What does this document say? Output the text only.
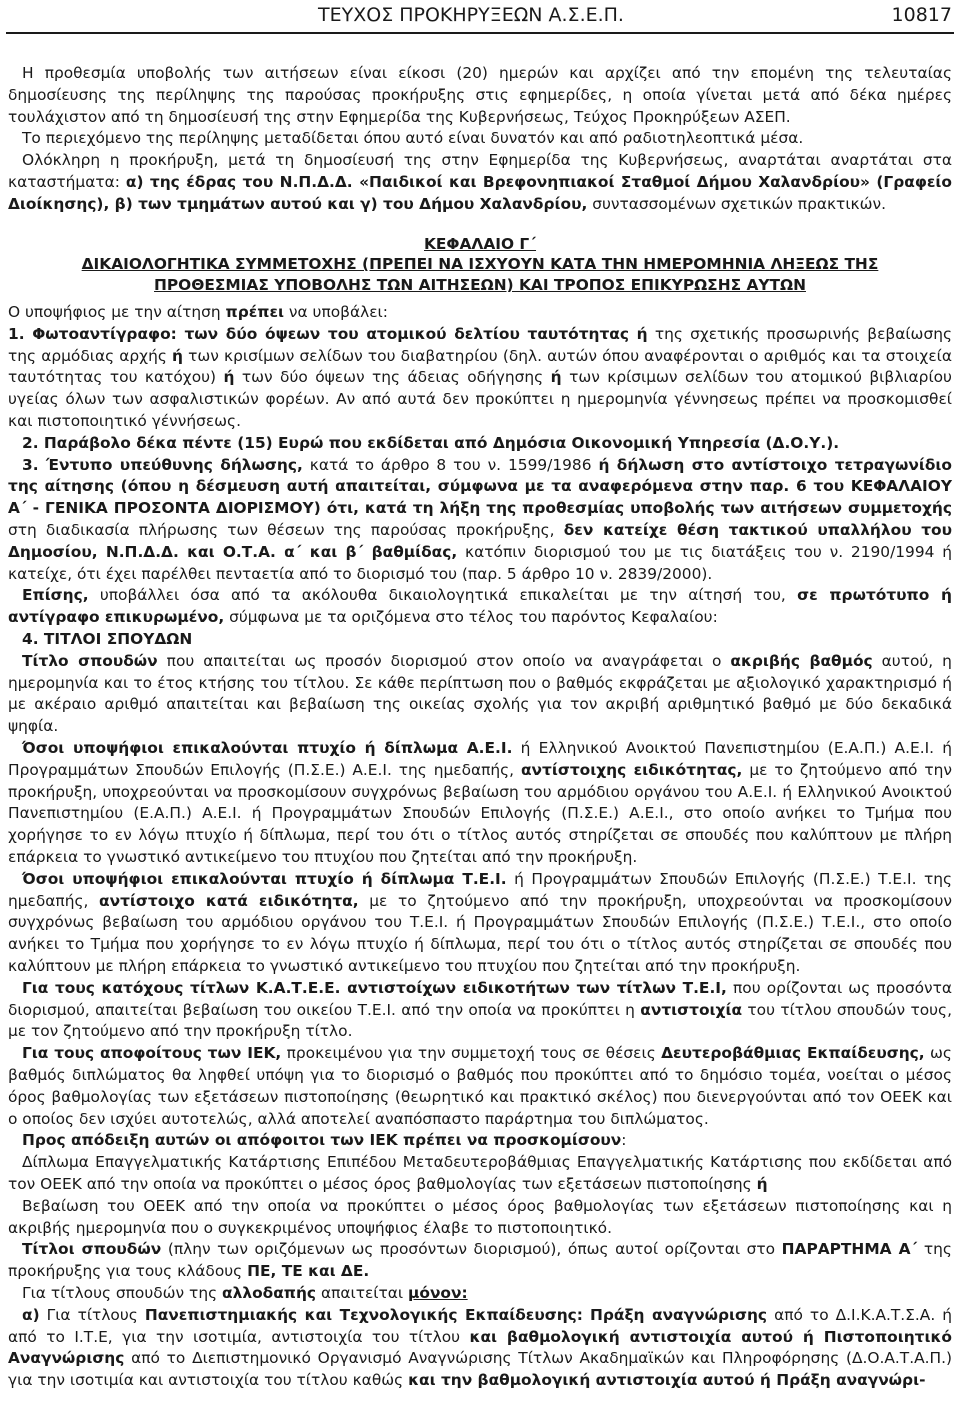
ΤΕΥΧΟΣ ΠΡΟΚΗΡΥΞΕΩΝ Α.Σ.Ε.Π.	10817

Η προθεσμία υποβολής των αιτήσεων είναι είκοσι (20) ημερών και αρχίζει από την επομένη της τελευταίας δημοσίευσης της περίληψης της παρούσας προκήρυξης στις εφημερίδες, η οποία γίνεται μετά από δέκα ημέρες τουλάχιστον από τη δημοσίευσή της στην Εφημερίδα της Κυβερνήσεως, Τεύχος Προκηρύξεων ΑΣΕΠ.

Το περιεχόμενο της περίληψης μεταδίδεται όπου αυτό είναι δυνατόν και από ραδιοτηλεοπτικά μέσα.

Ολόκληρη η προκήρυξη, μετά τη δημοσίευσή της στην Εφημερίδα της Κυβερνήσεως, αναρτάται αναρτάται στα καταστήματα: α) της έδρας του Ν.Π.Δ.Δ. «Παιδικοί και Βρεφονηπιακοί Σταθμοί Δήμου Χαλανδρίου» (Γραφείο Διοίκησης), β) των τμημάτων αυτού και γ) του Δήμου Χαλανδρίου, συντασσομένων σχετικών πρακτικών.

ΚΕΦΑΛΑΙΟ Γ΄
ΔΙΚΑΙΟΛΟΓΗΤΙΚΑ ΣΥΜΜΕΤΟΧΗΣ (ΠΡΕΠΕΙ ΝΑ ΙΣΧΥΟΥΝ ΚΑΤΑ ΤΗΝ ΗΜΕΡΟΜΗΝΙΑ ΛΗΞΕΩΣ ΤΗΣ
ΠΡΟΘΕΣΜΙΑΣ ΥΠΟΒΟΛΗΣ ΤΩΝ ΑΙΤΗΣΕΩΝ) ΚΑΙ ΤΡΟΠΟΣ ΕΠΙΚΥΡΩΣΗΣ ΑΥΤΩΝ

Ο υποψήφιος με την αίτηση πρέπει να υποβάλει:

1. Φωτοαντίγραφο: των δύο όψεων του ατομικού δελτίου ταυτότητας ή της σχετικής προσωρινής βεβαίωσης της αρμόδιας αρχής ή των κρισίμων σελίδων του διαβατηρίου (δηλ. αυτών όπου αναφέρονται ο αριθμός και τα στοιχεία ταυτότητας του κατόχου) ή των δύο όψεων της άδειας οδήγησης ή των κρίσιμων σελίδων του ατομικού βιβλιαρίου υγείας όλων των ασφαλιστικών φορέων. Αν από αυτά δεν προκύπτει η ημερομηνία γέννησεως πρέπει να προσκομισθεί και πιστοποιητικό γέννήσεως.

2. Παράβολο δέκα πέντε (15) Ευρώ που εκδίδεται από Δημόσια Οικονομική Υπηρεσία (Δ.Ο.Υ.).

3. Έντυπο υπεύθυνης δήλωσης, κατά το άρθρο 8 του ν. 1599/1986 ή δήλωση στο αντίστοιχο τετραγωνίδιο της αίτησης (όπου η δέσμευση αυτή απαιτείται, σύμφωνα με τα αναφερόμενα στην παρ. 6 του ΚΕΦΑΛΑΙΟΥ Α΄ - ΓΕΝΙΚΑ ΠΡΟΣΟΝΤΑ ΔΙΟΡΙΣΜΟΥ) ότι, κατά τη λήξη της προθεσμίας υποβολής των αιτήσεων συμμετοχής στη διαδικασία πλήρωσης των θέσεων της παρούσας προκήρυξης, δεν κατείχε θέση τακτικού υπαλλήλου του Δημοσίου, Ν.Π.Δ.Δ. και Ο.Τ.Α. α΄ και β΄ βαθμίδας, κατόπιν διορισμού του με τις διατάξεις του ν. 2190/1994 ή κατείχε, ότι έχει παρέλθει πενταετία από το διορισμό του (παρ. 5 άρθρο 10 ν. 2839/2000).

Επίσης, υποβάλλει όσα από τα ακόλουθα δικαιολογητικά επικαλείται με την αίτησή του, σε πρωτότυπο ή αντίγραφο επικυρωμένο, σύμφωνα με τα οριζόμενα στο τέλος του παρόντος Κεφαλαίου:

4. ΤΙΤΛΟΙ ΣΠΟΥΔΩΝ

Τίτλο σπουδών που απαιτείται ως προσόν διορισμού στον οποίο να αναγράφεται ο ακριβής βαθμός αυτού, η ημερομηνία και το έτος κτήσης του τίτλου. Σε κάθε περίπτωση που ο βαθμός εκφράζεται με αξιολογικό χαρακτηρισμό ή με ακέραιο αριθμό απαιτείται και βεβαίωση της οικείας σχολής για τον ακριβή αριθμητικό βαθμό με δύο δεκαδικά ψηφία.

Όσοι υποψήφιοι επικαλούνται πτυχίο ή δίπλωμα Α.Ε.Ι. ή Ελληνικού Ανοικτού Πανεπιστημίου (Ε.Α.Π.) Α.Ε.Ι. ή Προγραμμάτων Σπουδών Επιλογής (Π.Σ.Ε.) Α.Ε.Ι. της ημεδαπής, αντίστοιχης ειδικότητας, με το ζητούμενο από την προκήρυξη, υποχρεούνται να προσκομίσουν συγχρόνως βεβαίωση του αρμόδιου οργάνου του Α.Ε.Ι. ή Ελληνικού Ανοικτού Πανεπιστημίου (Ε.Α.Π.) Α.Ε.Ι. ή Προγραμμάτων Σπουδών Επιλογής (Π.Σ.Ε.) Α.Ε.Ι., στο οποίο ανήκει το Τμήμα που χορήγησε το εν λόγω πτυχίο ή δίπλωμα, περί του ότι ο τίτλος αυτός στηρίζεται σε σπουδές που καλύπτουν με πλήρη επάρκεια το γνωστικό αντικείμενο του πτυχίου που ζητείται από την προκήρυξη.

Όσοι υποψήφιοι επικαλούνται πτυχίο ή δίπλωμα Τ.Ε.Ι. ή Προγραμμάτων Σπουδών Επιλογής (Π.Σ.Ε.) Τ.Ε.Ι. της ημεδαπής, αντίστοιχο κατά ειδικότητα, με το ζητούμενο από την προκήρυξη, υποχρεούνται να προσκομίσουν συγχρόνως βεβαίωση του αρμόδιου οργάνου του Τ.Ε.Ι. ή Προγραμμάτων Σπουδών Επιλογής (Π.Σ.Ε.) Τ.Ε.Ι., στο οποίο ανήκει το Τμήμα που χορήγησε το εν λόγω πτυχίο ή δίπλωμα, περί του ότι ο τίτλος αυτός στηρίζεται σε σπουδές που καλύπτουν με πλήρη επάρκεια το γνωστικό αντικείμενο του πτυχίου που ζητείται από την προκήρυξη.

Για τους κατόχους τίτλων Κ.Α.Τ.Ε.Ε. αντιστοίχων ειδικοτήτων των τίτλων Τ.Ε.Ι, που ορίζονται ως προσόντα διορισμού, απαιτείται βεβαίωση του οικείου Τ.Ε.Ι. από την οποία να προκύπτει η αντιστοιχία του τίτλου σπουδών τους, με τον ζητούμενο από την προκήρυξη τίτλο.

Για τους αποφοίτους των ΙΕΚ, προκειμένου για την συμμετοχή τους σε θέσεις Δευτεροβάθμιας Εκπαίδευσης, ως βαθμός διπλώματος θα ληφθεί υπόψη για το διορισμό ο βαθμός που προκύπτει από το δημόσιο τομέα, νοείται ο μέσος όρος βαθμολογίας των εξετάσεων πιστοποίησης (θεωρητικό και πρακτικό σκέλος) που διενεργούνται από τον ΟΕΕΚ και ο οποίος δεν ισχύει αυτοτελώς, αλλά αποτελεί αναπόσπαστο παράρτημα του διπλώματος.

Προς απόδειξη αυτών οι απόφοιτοι των ΙΕΚ πρέπει να προσκομίσουν:

Δίπλωμα Επαγγελματικής Κατάρτισης Επιπέδου Μεταδευτεροβάθμιας Επαγγελματικής Κατάρτισης που εκδίδεται από τον ΟΕΕΚ από την οποία να προκύπτει ο μέσος όρος βαθμολογίας των εξετάσεων πιστοποίησης ή

Βεβαίωση του ΟΕΕΚ από την οποία να προκύπτει ο μέσος όρος βαθμολογίας των εξετάσεων πιστοποίησης και η ακριβής ημερομηνία που ο συγκεκριμένος υποψήφιος έλαβε το πιστοποιητικό.

Τίτλοι σπουδών (πλην των οριζόμενων ως προσόντων διορισμού), όπως αυτοί ορίζονται στο ΠΑΡΑΡΤΗΜΑ Α΄ της προκήρυξης για τους κλάδους ΠΕ, ΤΕ και ΔΕ.

Για τίτλους σπουδών της αλλοδαπής απαιτείται μόνον:

α) Για τίτλους Πανεπιστημιακής και Τεχνολογικής Εκπαίδευσης: Πράξη αναγνώρισης από το Δ.Ι.Κ.Α.Τ.Σ.Α. ή από το Ι.Τ.Ε, για την ισοτιμία, αντιστοιχία του τίτλου και βαθμολογική αντιστοιχία αυτού ή Πιστοποιητικό Αναγνώρισης από το Διεπιστημονικό Οργανισμό Αναγνώρισης Τίτλων Ακαδημαϊκών και Πληροφόρησης (Δ.Ο.Α.Τ.Α.Π.) για την ισοτιμία και αντιστοιχία του τίτλου καθώς και την βαθμολογική αντιστοιχία αυτού ή Πράξη αναγνώρι-
